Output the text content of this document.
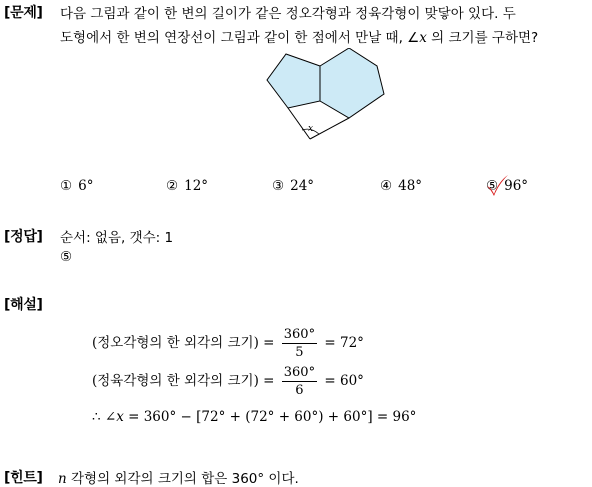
[문제] 다음 그림과 같이 한 변의 길이가 같은 정오각형과 정육각형이 맞닿아 있다. 두
도형에서 한 변의 연장선이 그림과 같이 한 점에서 만날 때, ∠x 의 크기를 구하면?
x
① 6°	② 12°	③ 24°	④ 48°	⑤ 96°
[정답] 순서: 없음, 갯수: 1
⑤
[해설]
(정오각형의 한 외각의 크기) = $\frac{360^\circ}{5} = 72^\circ$
(정육각형의 한 외각의 크기) = $\frac{360^\circ}{6} = 60^\circ$
∴ ∠x = 360° − [72° + (72° + 60°) + 60°] = 96°
[힌트] n 각형의 외각의 크기의 합은 360° 이다.
